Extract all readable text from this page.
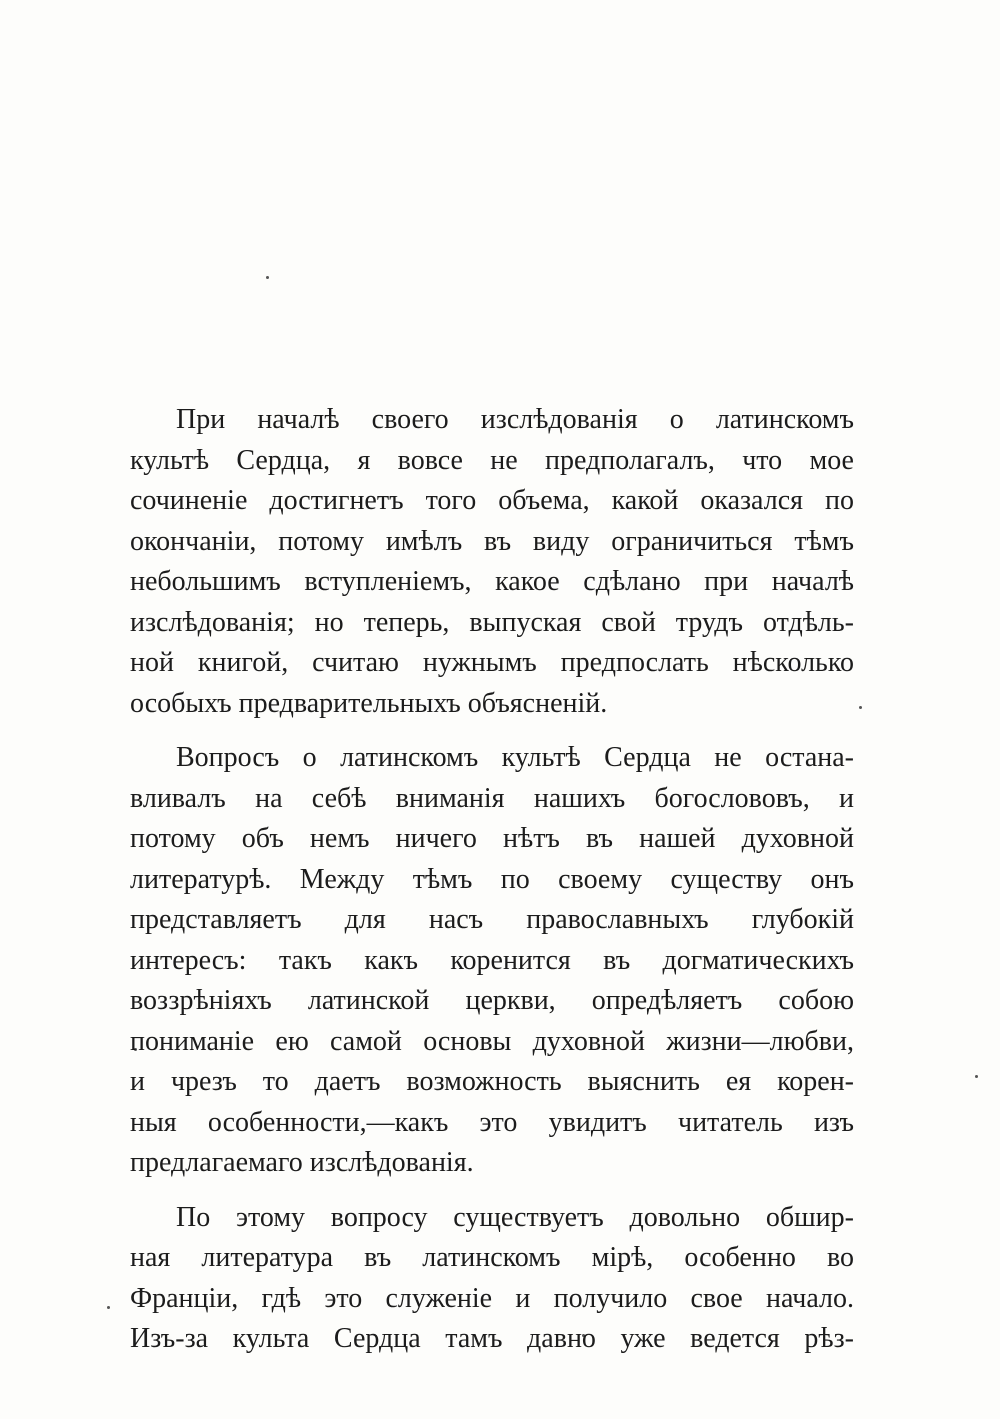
При началѣ своего изслѣдованія о латинскомъ
культѣ Сердца, я вовсе не предполагалъ, что мое
сочиненіе достигнетъ того объема, какой оказался по
окончаніи, потому имѣлъ въ виду ограничиться тѣмъ
небольшимъ вступленіемъ, какое сдѣлано при началѣ
изслѣдованія; но теперь, выпуская свой трудъ отдѣль-
ной книгой, считаю нужнымъ предпослать нѣсколько
особыхъ предварительныхъ объясненій.

Вопросъ о латинскомъ культѣ Сердца не остана-
вливалъ на себѣ вниманія нашихъ богослововъ, и
потому объ немъ ничего нѣтъ въ нашей духовной
литературѣ. Между тѣмъ по своему существу онъ
представляетъ для насъ православныхъ глубокій
интересъ: такъ какъ коренится въ догматическихъ
воззрѣніяхъ латинской церкви, опредѣляетъ собою
пониманіе ею самой основы духовной жизни—любви,
и чрезъ то даетъ возможность выяснить ея корен-
ныя особенности,—какъ это увидитъ читатель изъ
предлагаемаго изслѣдованія.

По этому вопросу существуетъ довольно обшир-
ная литература въ латинскомъ мірѣ, особенно во
Франціи, гдѣ это служеніе и получило свое начало.
Изъ-за культа Сердца тамъ давно уже ведется рѣз-
